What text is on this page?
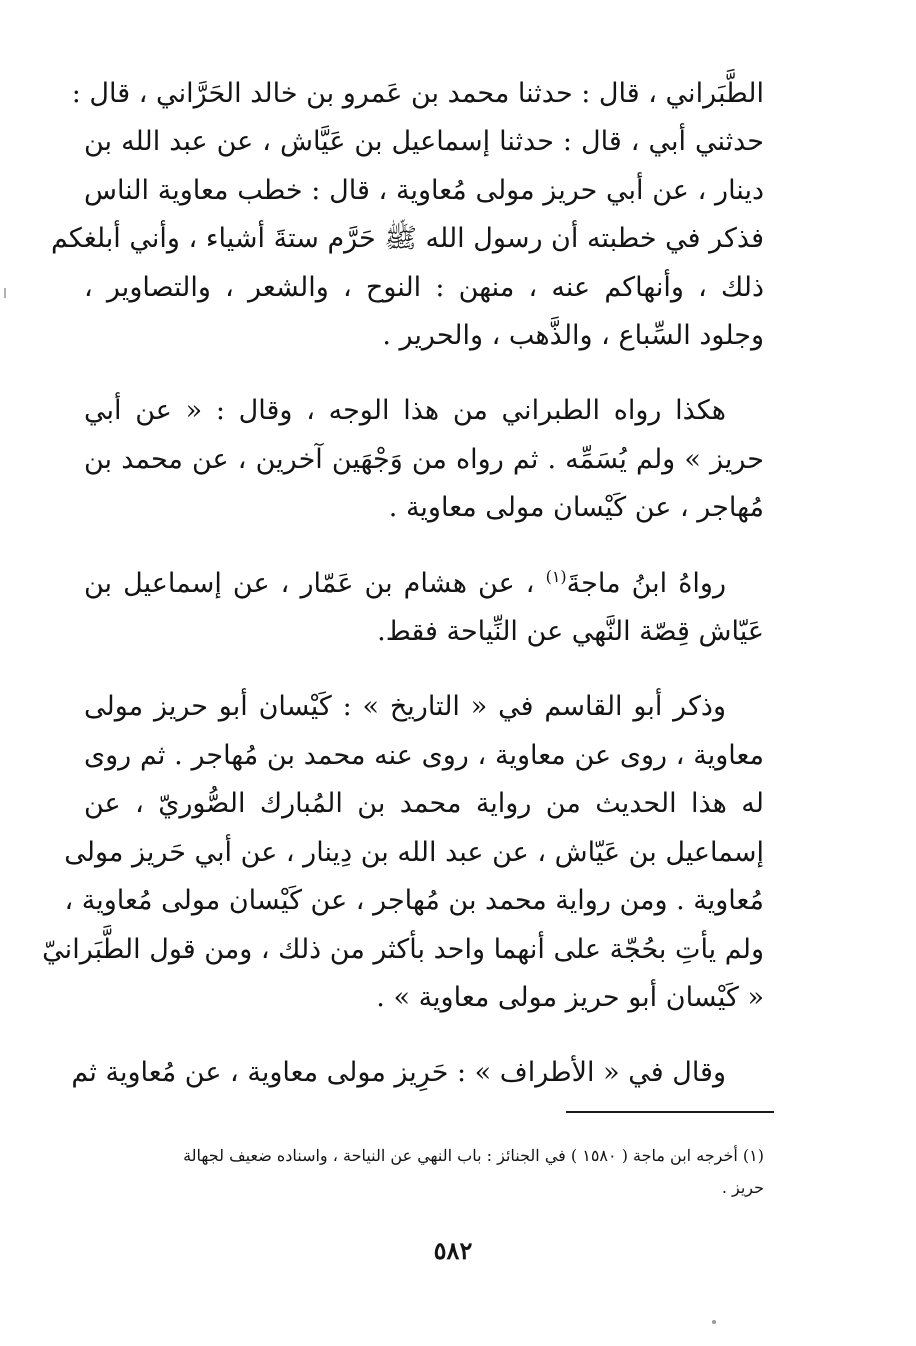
الطَّبَراني ، قال : حدثنا محمد بن عَمرو بن خالد الحَرَّاني ، قال :
حدثني أبي ، قال : حدثنا إسماعيل بن عَيَّاش ، عن عبد الله بن
دينار ، عن أبي حريز مولى مُعاوية ، قال : خطب معاوية الناس
فذكر في خطبته أن رسول الله ﷺ حَرَّم ستةَ أشياء ، وأني أبلغكم
ذلك ، وأنهاكم عنه ، منهن : النوح ، والشعر ، والتصاوير ،
وجلود السِّباع ، والذَّهب ، والحرير .

هكذا رواه الطبراني من هذا الوجه ، وقال : « عن أبي
حريز » ولم يُسَمِّه . ثم رواه من وَجْهَين آخرين ، عن محمد بن
مُهاجر ، عن كَيْسان مولى معاوية .

رواهُ ابنُ ماجةَ$^{(١)}$ ، عن هشام بن عَمّار ، عن إسماعيل بن
عَيّاش قِصّة النَّهي عن النِّياحة فقط.

وذكر أبو القاسم في « التاريخ » : كَيْسان أبو حريز مولى
معاوية ، روى عن معاوية ، روى عنه محمد بن مُهاجر . ثم روى
له هذا الحديث من رواية محمد بن المُبارك الصُّوريّ ، عن
إسماعيل بن عَيّاش ، عن عبد الله بن دِينار ، عن أبي حَريز مولى
مُعاوية . ومن رواية محمد بن مُهاجر ، عن كَيْسان مولى مُعاوية ،
ولم يأتِ بحُجّة على أنهما واحد بأكثر من ذلك ، ومن قول الطَّبَرانيّ
« كَيْسان أبو حريز مولى معاوية » .

وقال في « الأطراف » : حَرِيز مولى معاوية ، عن مُعاوية ثم

(١) أخرجه ابن ماجة ( ١٥٨٠ ) في الجنائز : باب النهي عن النياحة ، واسناده ضعيف لجهالة
حريز .
٥٨٢
